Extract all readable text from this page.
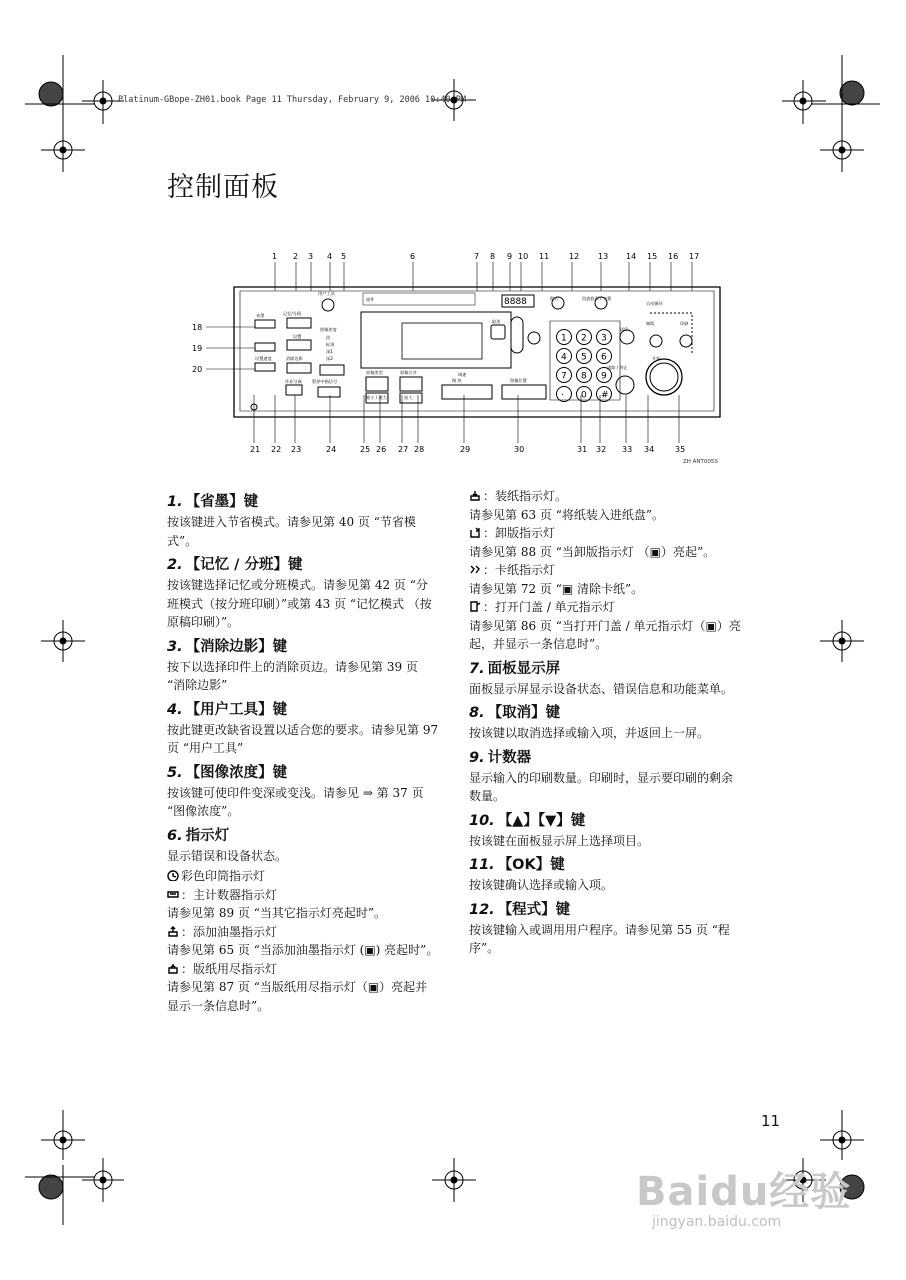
Platinum-GBope-ZH01.book Page 11 Thursday, February 9, 2006 10:40 PM
控制面板
程式	回旋套印 / 字幕
试印
自动循环
开始
清除 / 停止
省墨	记忆/分班
设置
消除边影
用户工具
图像浓度
淡
标准
深1
深2
部件
取消
设置速度
作业分离 暂停中指信号
原稿类型
缩小 / 放大
原稿合并
放大
调速
慢 快	图像位置
制版	印刷
8888
1 2 3
4 5 6
7 8 9
· 0 #
1 2 3 4 5	6	7 8 9 10 11 12 13 14 15 16 17
18
19
20
21 22 23	24	25 26 27 28	29	30	31 32 33 34	35
ZH ANT005S
1. 【省墨】键
按该键进入节省模式。请参见第 40 页 “节省模式”。
2. 【记忆 / 分班】键
按该键选择记忆或分班模式。请参见第 42 页 “分班模式（按分班印刷）”或第 43 页 “记忆模式 （按原稿印刷）”。
3. 【消除边影】键
按下以选择印件上的消除页边。请参见第 39 页 “消除边影”
4. 【用户工具】键
按此键更改缺省设置以适合您的要求。请参见第 97 页 “用户工具”
5. 【图像浓度】键
按该键可使印件变深或变浅。请参见 ⇒ 第 37 页 “图像浓度”。
6. 指示灯
显示错误和设备状态。
彩色印筒指示灯
：主计数器指示灯
请参见第 89 页 “当其它指示灯亮起时”。
：添加油墨指示灯
请参见第 65 页 “当添加油墨指示灯 (▣) 亮起时”。
：版纸用尽指示灯
请参见第 87 页 “当版纸用尽指示灯（▣）亮起并显示一条信息时”。
：装纸指示灯。
请参见第 63 页 “将纸装入进纸盘”。
：卸版指示灯
请参见第 88 页 “当卸版指示灯 （▣）亮起”。
：卡纸指示灯
请参见第 72 页 “▣ 清除卡纸”。
：打开门盖 / 单元指示灯
请参见第 86 页 “当打开门盖 / 单元指示灯（▣）亮起，并显示一条信息时”。
7. 面板显示屏
面板显示屏显示设备状态、错误信息和功能菜单。
8. 【取消】键
按该键以取消选择或输入项，并返回上一屏。
9. 计数器
显示输入的印刷数量。印刷时，显示要印刷的剩余数量。
10. 【▲】【▼】键
按该键在面板显示屏上选择项目。
11. 【OK】键
按该键确认选择或输入项。
12. 【程式】键
按该键输入或调用用户程序。请参见第 55 页 “程序”。
11
Baidu经验
jingyan.baidu.com
